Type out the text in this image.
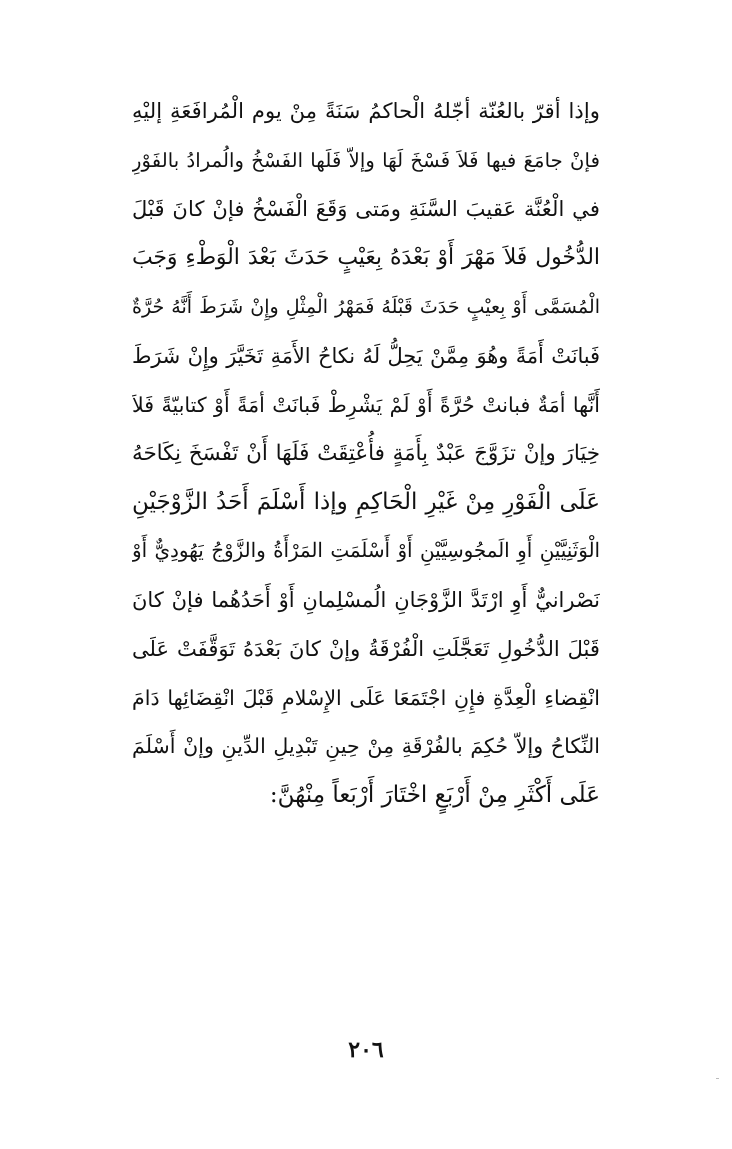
وإذا أقرّ بالعُنّة أجّلهُ الْحاكمُ سَنَةً مِنْ يوم الْمُرافَعَةِ إليْهِ
فإنْ جامَعَ فيها فَلاَ فَسْخَ لَهَا وإلاّ فَلَها الفَسْخُ والُمرادُ بالفَوْرِ
في الْعُنَّة عَقيبَ السَّنَةِ ومَتى وَقَعَ الْفَسْخُ فإنْ كانَ قَبْلَ
الدُّخُول فَلاَ مَهْرَ أَوْ بَعْدَهُ بِعَيْبٍ حَدَثَ بَعْدَ الْوَطْءِ وَجَبَ
الْمُسَمَّى أَوْ بِعيْبٍ حَدَثَ قَبْلَهُ فَمَهْرُ الْمِثْلِ وإِنْ شَرَطَ أَنَّهُ حُرَّةٌ
فَبانَتْ أَمَةً وهُوَ مِمَّنْ يَحِلُّ لَهُ نكاحُ الأَمَةِ تَخَيَّرَ وإِنْ شَرَطَ
أَنَّها أمَةٌ فبانتْ حُرَّةً أَوْ لَمْ يَشْرِطْ فَبانَتْ أمَةً أَوْ كتابيّةً فَلاَ
خِيَارَ وإنْ تزَوَّجَ عَبْدٌ بِأَمَةٍ فأُعْتِقَتْ فَلَهَا أَنْ تَفْسَخَ نِكَاحَهُ
عَلَى الْفَوْرِ مِنْ غَيْرِ الْحَاكِمِ وإذا أَسْلَمَ أَحَدُ الزَّوْجَيْنِ
الْوَثَنِيَّيْنِ أَوِ الَمجُوسِيَّيْنِ أَوْ أَسْلَمَتِ المَرْأَةُ والزَّوْجُ يَهُودِيٌّ أَوْ
نَصْرانيٌّ أَوِ ارْتَدَّ الزَّوْجَانِ الُمسْلِمانِ أَوْ أَحَدُهُما فإنْ كانَ
قَبْلَ الدُّخُولِ تَعَجَّلَتِ الْفُرْقَةُ وإنْ كانَ بَعْدَهُ تَوَقَّفَتْ عَلَى
انْقِضاءِ الْعِدَّةِ فإِنِ اجْتَمَعَا عَلَى الإِسْلامِ قَبْلَ انْقِضَائِها دَامَ
النِّكاحُ وإلاّ حُكِمَ بالفُرْقَةِ مِنْ حِينِ تَبْدِيلِ الدِّينِ وإنْ أَسْلَمَ
عَلَى أَكْثَرِ مِنْ أَرْبَعٍ اخْتَارَ أَرْبَعاً مِنْهُنَّ:
٢٠٦
